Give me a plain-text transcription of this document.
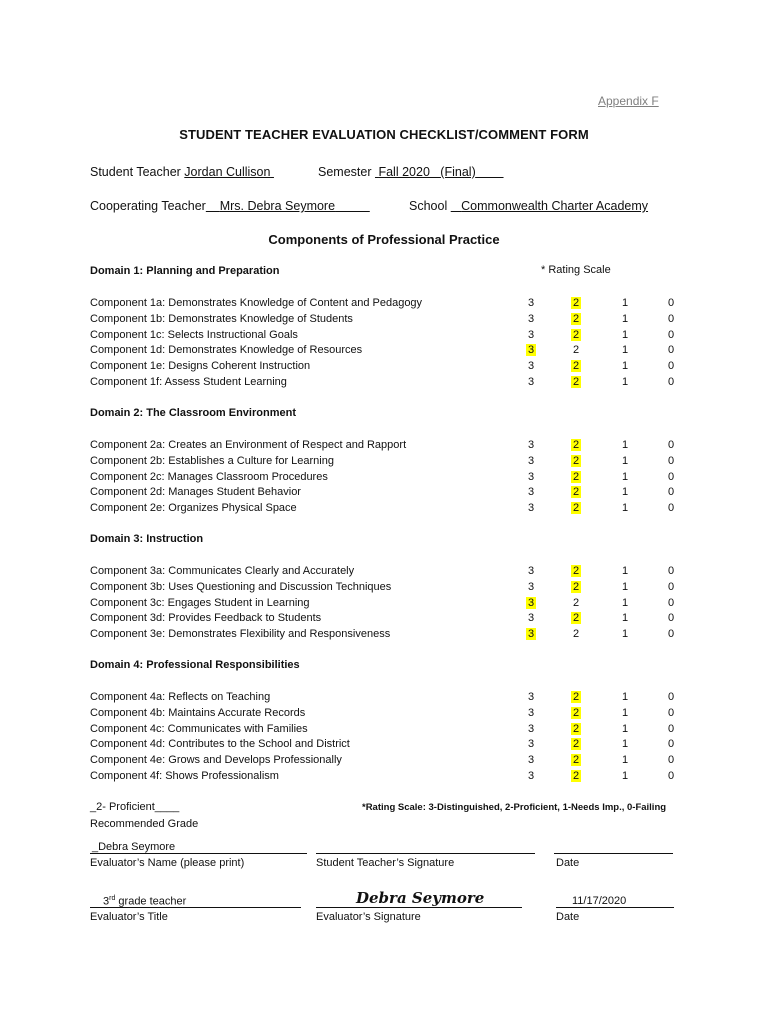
Appendix F
STUDENT TEACHER EVALUATION CHECKLIST/COMMENT FORM
Student Teacher Jordan Cullison	Semester Fall 2020   (Final)
Cooperating Teacher Mrs. Debra Seymore	School Commonwealth Charter Academy
Components of Professional Practice
* Rating Scale
Domain 1: Planning and Preparation
Component 1a: Demonstrates Knowledge of Content and Pedagogy	3	2	1	0
Component 1b: Demonstrates Knowledge of Students	3	2	1	0
Component 1c: Selects Instructional Goals	3	2	1	0
Component 1d: Demonstrates Knowledge of Resources	3	2	1	0
Component 1e: Designs Coherent Instruction	3	2	1	0
Component 1f: Assess Student Learning	3	2	1	0
Domain 2: The Classroom Environment
Component 2a: Creates an Environment of Respect and Rapport	3	2	1	0
Component 2b: Establishes a Culture for Learning	3	2	1	0
Component 2c: Manages Classroom Procedures	3	2	1	0
Component 2d: Manages Student Behavior	3	2	1	0
Component 2e: Organizes Physical Space	3	2	1	0
Domain 3: Instruction
Component 3a: Communicates Clearly and Accurately	3	2	1	0
Component 3b: Uses Questioning and Discussion Techniques	3	2	1	0
Component 3c: Engages Student in Learning	3	2	1	0
Component 3d: Provides Feedback to Students	3	2	1	0
Component 3e: Demonstrates Flexibility and Responsiveness	3	2	1	0
Domain 4: Professional Responsibilities
Component 4a: Reflects on Teaching	3	2	1	0
Component 4b: Maintains Accurate Records	3	2	1	0
Component 4c: Communicates with Families	3	2	1	0
Component 4d: Contributes to the School and District	3	2	1	0
Component 4e: Grows and Develops Professionally	3	2	1	0
Component 4f: Shows Professionalism	3	2	1	0
_2- Proficient____
Recommended Grade
*Rating Scale: 3-Distinguished, 2-Proficient, 1-Needs Imp., 0-Failing
_Debra Seymore
Evaluator’s Name (please print)	Student Teacher’s Signature	Date
3rd grade teacher	Debra Seymore	11/17/2020
Evaluator’s Title	Evaluator’s Signature	Date
